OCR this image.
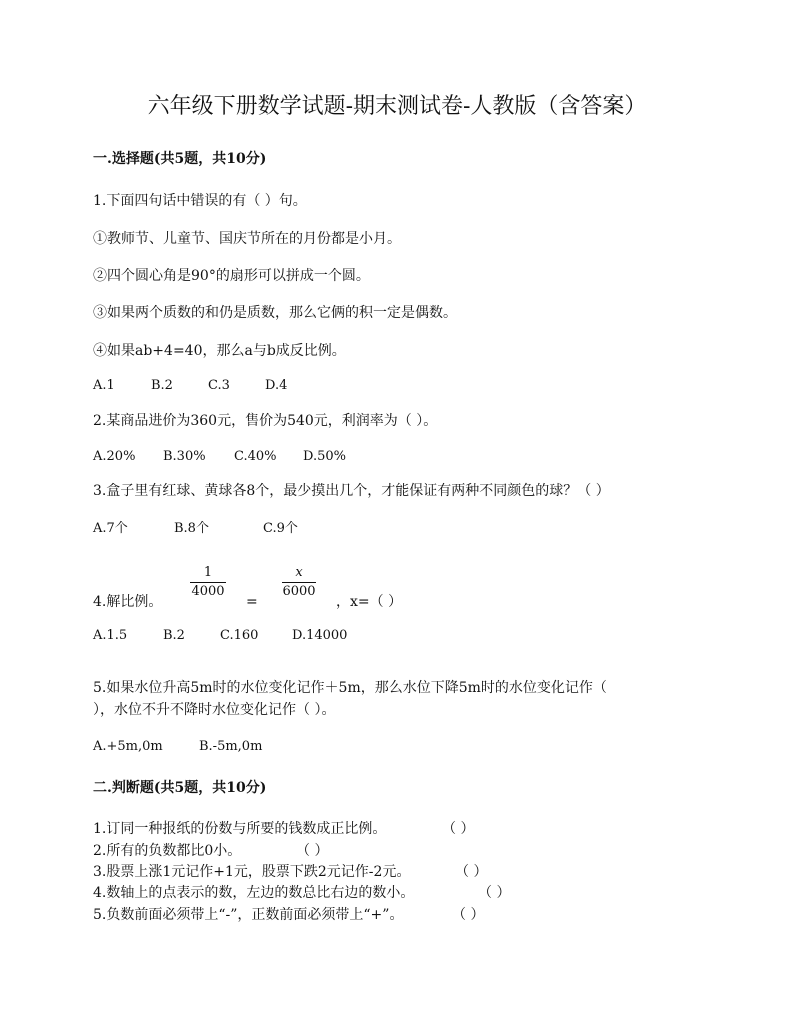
六年级下册数学试题-期末测试卷-人教版（含答案）
一.选择题(共5题，共10分)
1.下面四句话中错误的有（ ）句。
①教师节、儿童节、国庆节所在的月份都是小月。
②四个圆心角是90°的扇形可以拼成一个圆。
③如果两个质数的和仍是质数，那么它俩的积一定是偶数。
④如果ab+4=40，那么a与b成反比例。
A.1	B.2	C.3	D.4
2.某商品进价为360元，售价为540元，利润率为（ ）。
A.20% B.30% C.40% D.50%
3.盒子里有红球、黄球各8个，最少摸出几个，才能保证有两种不同颜色的球？（ ）
A.7个	B.8个	C.9个
4.解比例。
1
4000
=
x
6000
，x=（ ）
A.1.5	B.2	C.160	D.14000
5.如果水位升高5m时的水位变化记作＋5m，那么水位下降5m时的水位变化记作（
），水位不升不降时水位变化记作（ ）。
A.+5m,0m	B.-5m,0m
二.判断题(共5题，共10分)
1.订同一种报纸的份数与所要的钱数成正比例。	（ ）
2.所有的负数都比0小。	（ ）
3.股票上涨1元记作+1元，股票下跌2元记作-2元。	（ ）
4.数轴上的点表示的数，左边的数总比右边的数小。	（ ）
5.负数前面必须带上“-”，正数前面必须带上“+”。	（ ）
